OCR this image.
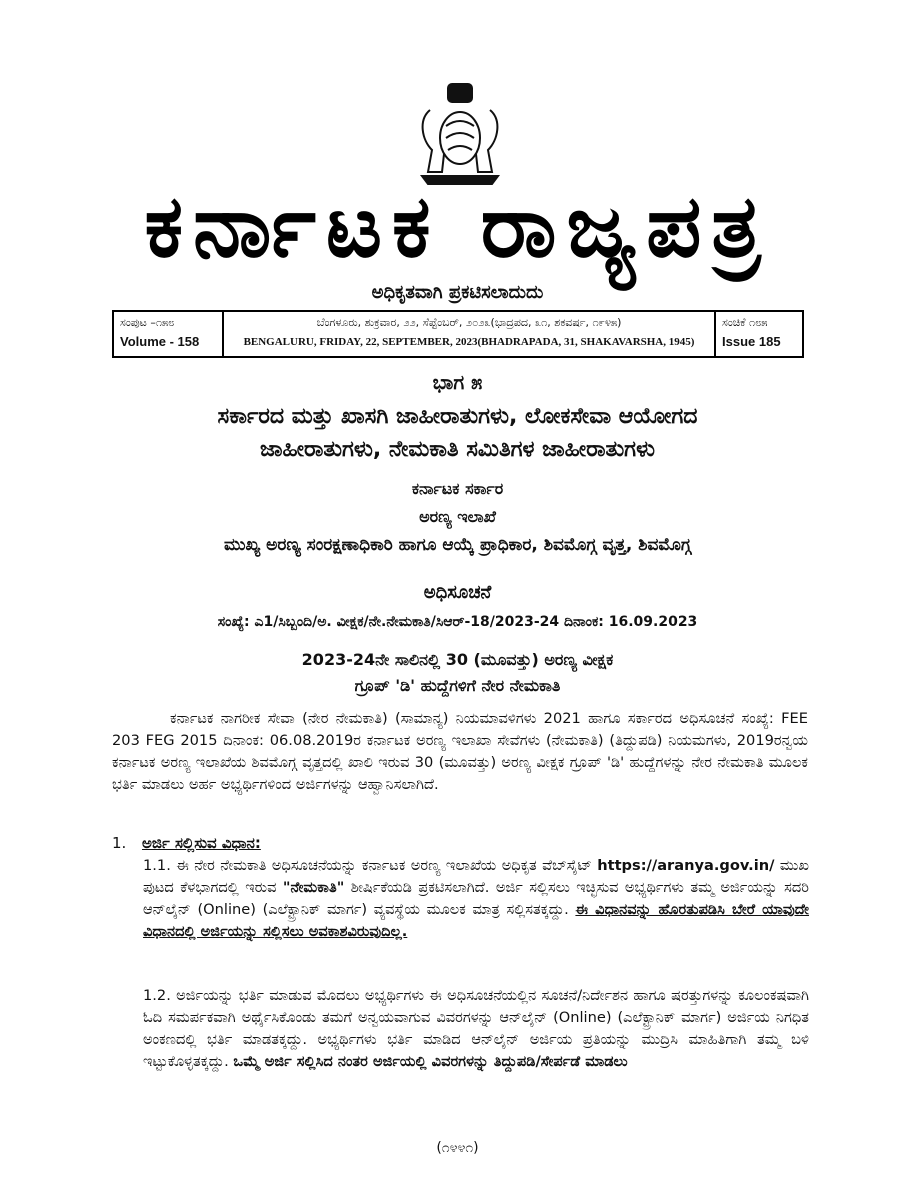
ಕರ್ನಾಟಕ ರಾಜ್ಯಪತ್ರ
ಅಧಿಕೃತವಾಗಿ ಪ್ರಕಟಿಸಲಾದುದು
ಸಂಪುಟ –೧೫೮
Volume - 158
ಬೆಂಗಳೂರು, ಶುಕ್ರವಾರ, ೨೨, ಸೆಪ್ಟೆಂಬರ್, ೨೦೨೩(ಭಾದ್ರಪದ, ೩೧, ಶಕವರ್ಷ, ೧೯೪೫)
BENGALURU, FRIDAY, 22, SEPTEMBER, 2023(BHADRAPADA, 31, SHAKAVARSHA, 1945)
ಸಂಚಿಕೆ ೧೮೫
Issue 185
ಭಾಗ ೫
ಸರ್ಕಾರದ ಮತ್ತು ಖಾಸಗಿ ಜಾಹೀರಾತುಗಳು, ಲೋಕಸೇವಾ ಆಯೋಗದ
ಜಾಹೀರಾತುಗಳು, ನೇಮಕಾತಿ ಸಮಿತಿಗಳ ಜಾಹೀರಾತುಗಳು
ಕರ್ನಾಟಕ ಸರ್ಕಾರ
ಅರಣ್ಯ ಇಲಾಖೆ
ಮುಖ್ಯ ಅರಣ್ಯ ಸಂರಕ್ಷಣಾಧಿಕಾರಿ ಹಾಗೂ ಆಯ್ಕೆ ಪ್ರಾಧಿಕಾರ, ಶಿವಮೊಗ್ಗ ವೃತ್ತ, ಶಿವಮೊಗ್ಗ
ಅಧಿಸೂಚನೆ
ಸಂಖ್ಯೆ: ಎ1/ಸಿಬ್ಬಂದಿ/ಅ. ವೀಕ್ಷಕ/ನೇ.ನೇಮಕಾತಿ/ಸಿಆರ್-18/2023-24 ದಿನಾಂಕ: 16.09.2023
2023-24ನೇ ಸಾಲಿನಲ್ಲಿ 30 (ಮೂವತ್ತು) ಅರಣ್ಯ ವೀಕ್ಷಕ
ಗ್ರೂಪ್ 'ಡಿ' ಹುದ್ದೆಗಳಿಗೆ ನೇರ ನೇಮಕಾತಿ

ಕರ್ನಾಟಕ ನಾಗರೀಕ ಸೇವಾ (ನೇರ ನೇಮಕಾತಿ) (ಸಾಮಾನ್ಯ) ನಿಯಮಾವಳಿಗಳು 2021 ಹಾಗೂ ಸರ್ಕಾರದ ಅಧಿಸೂಚನೆ ಸಂಖ್ಯೆ: FEE 203 FEG 2015 ದಿನಾಂಕ: 06.08.2019ರ ಕರ್ನಾಟಕ ಅರಣ್ಯ ಇಲಾಖಾ ಸೇವೆಗಳು (ನೇಮಕಾತಿ) (ತಿದ್ದುಪಡಿ) ನಿಯಮಗಳು, 2019ರನ್ವಯ ಕರ್ನಾಟಕ ಅರಣ್ಯ ಇಲಾಖೆಯ ಶಿವಮೊಗ್ಗ ವೃತ್ತದಲ್ಲಿ ಖಾಲಿ ಇರುವ 30 (ಮೂವತ್ತು) ಅರಣ್ಯ ವೀಕ್ಷಕ ಗ್ರೂಪ್ 'ಡಿ' ಹುದ್ದೆಗಳನ್ನು ನೇರ ನೇಮಕಾತಿ ಮೂಲಕ ಭರ್ತಿ ಮಾಡಲು ಅರ್ಹ ಅಭ್ಯರ್ಥಿಗಳಿಂದ ಅರ್ಜಿಗಳನ್ನು ಆಹ್ವಾನಿಸಲಾಗಿದೆ.

1. ಅರ್ಜಿ ಸಲ್ಲಿಸುವ ವಿಧಾನ:

1.1. ಈ ನೇರ ನೇಮಕಾತಿ ಅಧಿಸೂಚನೆಯನ್ನು ಕರ್ನಾಟಕ ಅರಣ್ಯ ಇಲಾಖೆಯ ಅಧಿಕೃತ ವೆಬ್‌ಸೈಟ್ https://aranya.gov.in/ ಮುಖ ಪುಟದ ಕೆಳಭಾಗದಲ್ಲಿ ಇರುವ "ನೇಮಕಾತಿ" ಶೀರ್ಷಿಕೆಯಡಿ ಪ್ರಕಟಿಸಲಾಗಿದೆ. ಅರ್ಜಿ ಸಲ್ಲಿಸಲು ಇಚ್ಛಿಸುವ ಅಭ್ಯರ್ಥಿಗಳು ತಮ್ಮ ಅರ್ಜಿಯನ್ನು ಸದರಿ ಆನ್‌ಲೈನ್ (Online) (ಎಲೆಕ್ಟ್ರಾನಿಕ್ ಮಾರ್ಗ) ವ್ಯವಸ್ಥೆಯ ಮೂಲಕ ಮಾತ್ರ ಸಲ್ಲಿಸತಕ್ಕದ್ದು. ಈ ವಿಧಾನವನ್ನು ಹೊರತುಪಡಿಸಿ ಬೇರೆ ಯಾವುದೇ ವಿಧಾನದಲ್ಲಿ ಅರ್ಜಿಯನ್ನು ಸಲ್ಲಿಸಲು ಅವಕಾಶವಿರುವುದಿಲ್ಲ.

1.2. ಅರ್ಜಿಯನ್ನು ಭರ್ತಿ ಮಾಡುವ ಮೊದಲು ಅಭ್ಯರ್ಥಿಗಳು ಈ ಅಧಿಸೂಚನೆಯಲ್ಲಿನ ಸೂಚನೆ/ನಿರ್ದೇಶನ ಹಾಗೂ ಷರತ್ತುಗಳನ್ನು ಕೂಲಂಕಷವಾಗಿ ಓದಿ ಸಮರ್ಪಕವಾಗಿ ಅರ್ಥೈಸಿಕೊಂಡು ತಮಗೆ ಅನ್ವಯವಾಗುವ ವಿವರಗಳನ್ನು ಆನ್‌ಲೈನ್ (Online) (ಎಲೆಕ್ಟ್ರಾನಿಕ್ ಮಾರ್ಗ) ಅರ್ಜಿಯ ನಿಗಧಿತ ಅಂಕಣದಲ್ಲಿ ಭರ್ತಿ ಮಾಡತಕ್ಕದ್ದು. ಅಭ್ಯರ್ಥಿಗಳು ಭರ್ತಿ ಮಾಡಿದ ಆನ್‌ಲೈನ್ ಅರ್ಜಿಯ ಪ್ರತಿಯನ್ನು ಮುದ್ರಿಸಿ ಮಾಹಿತಿಗಾಗಿ ತಮ್ಮ ಬಳಿ ಇಟ್ಟುಕೊಳ್ಳತಕ್ಕದ್ದು. ಒಮ್ಮೆ ಅರ್ಜಿ ಸಲ್ಲಿಸಿದ ನಂತರ ಅರ್ಜಿಯಲ್ಲಿ ವಿವರಗಳನ್ನು ತಿದ್ದುಪಡಿ/ಸೇರ್ಪಡೆ ಮಾಡಲು

(೧೪೪೧)
